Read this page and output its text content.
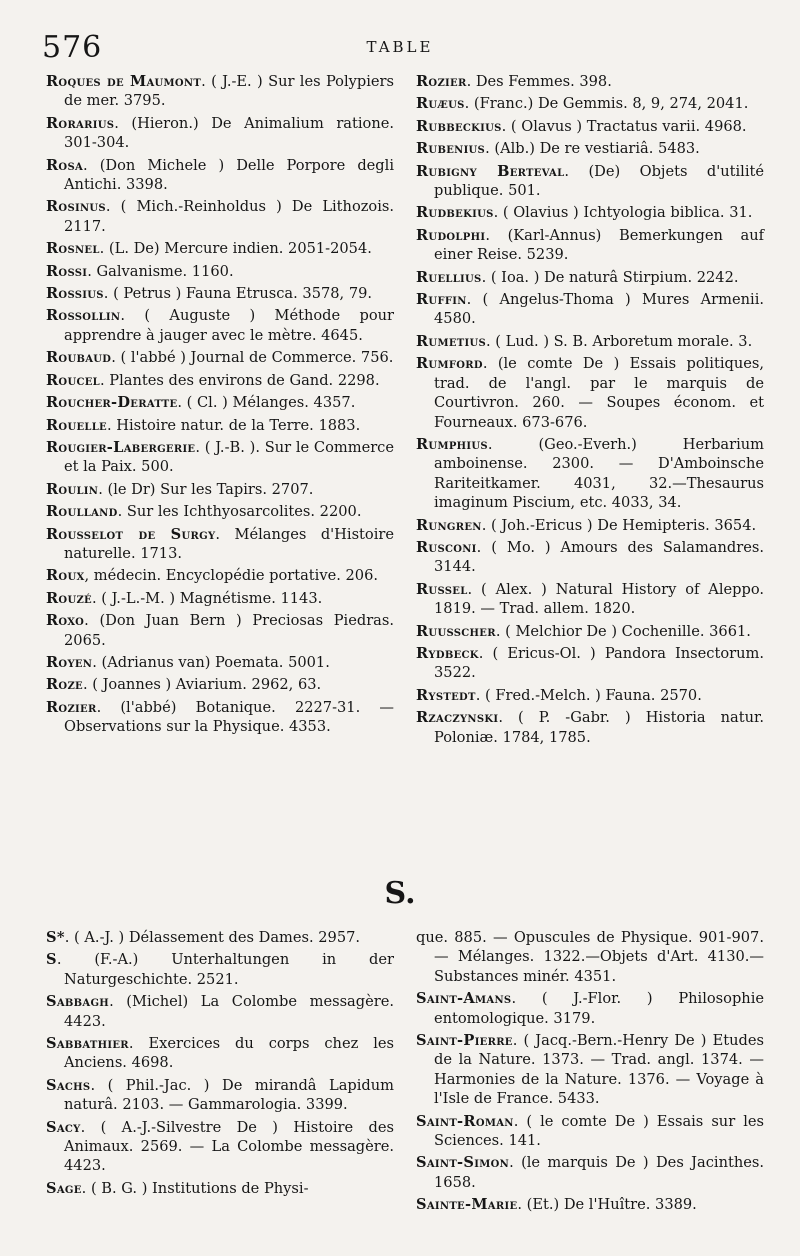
576	TABLE
Roques de Maumont. ( J.-E. ) Sur les Polypiers de mer. 3795.
Rorarius. (Hieron.) De Animalium ratione. 301-304.
Rosa. (Don Michele ) Delle Porpore degli Antichi. 3398.
Rosinus. ( Mich.-Reinholdus ) De Lithozois. 2117.
Rosnel. (L. De) Mercure indien. 2051-2054.
Rossi. Galvanisme. 1160.
Rossius. ( Petrus ) Fauna Etrusca. 3578, 79.
Rossollin. ( Auguste ) Méthode pour apprendre à jauger avec le mètre. 4645.
Roubaud. ( l'abbé ) Journal de Commerce. 756.
Roucel. Plantes des environs de Gand. 2298.
Roucher-Deratte. ( Cl. ) Mélanges. 4357.
Rouelle. Histoire natur. de la Terre. 1883.
Rougier-Labergerie. ( J.-B. ). Sur le Commerce et la Paix. 500.
Roulin. (le Dr) Sur les Tapirs. 2707.
Roulland. Sur les Ichthyosarcolites. 2200.
Rousselot de Surgy. Mélanges d'Histoire naturelle. 1713.
Roux, médecin. Encyclopédie portative. 206.
Rouzé. ( J.-L.-M. ) Magnétisme. 1143.
Roxo. (Don Juan Bern ) Preciosas Piedras. 2065.
Royen. (Adrianus van) Poemata. 5001.
Roze. ( Joannes ) Aviarium. 2962, 63.
Rozier. (l'abbé) Botanique. 2227-31. —Observations sur la Physique. 4353.
Rozier. Des Femmes. 398.
Ruæus. (Franc.) De Gemmis. 8, 9, 274, 2041.
Rubbeckius. ( Olavus ) Tractatus varii. 4968.
Rubenius. (Alb.) De re vestiariâ. 5483.
Rubigny Berteval. (De) Objets d'utilité publique. 501.
Rudbekius. ( Olavius ) Ichtyologia biblica. 31.
Rudolphi. (Karl-Annus) Bemerkungen auf einer Reise. 5239.
Ruellius. ( Ioa. ) De naturâ Stirpium. 2242.
Ruffin. ( Angelus-Thoma ) Mures Armenii. 4580.
Rumetius. ( Lud. ) S. B. Arboretum morale. 3.
Rumford. (le comte De ) Essais politiques, trad. de l'angl. par le marquis de Courtivron. 260. — Soupes économ. et Fourneaux. 673-676.
Rumphius. (Geo.-Everh.) Herbarium amboinense. 2300. — D'Amboinsche Rariteitkamer. 4031, 32.—Thesaurus imaginum Piscium, etc. 4033, 34.
Rungren. ( Joh.-Ericus ) De Hemipteris. 3654.
Rusconi. ( Mo. ) Amours des Salamandres. 3144.
Russel. ( Alex. ) Natural History of Aleppo. 1819. — Trad. allem. 1820.
Ruusscher. ( Melchior De ) Cochenille. 3661.
Rydbeck. ( Ericus-Ol. ) Pandora Insectorum. 3522.
Rystedt. ( Fred.-Melch. ) Fauna. 2570.
Rzaczynski. ( P. -Gabr. ) Historia natur. Poloniæ. 1784, 1785.
S.
S*. ( A.-J. ) Délassement des Dames. 2957.
S. (F.-A.) Unterhaltungen in der Naturgeschichte. 2521.
Sabbagh. (Michel) La Colombe messagère. 4423.
Sabbathier. Exercices du corps chez les Anciens. 4698.
Sachs. ( Phil.-Jac. ) De mirandâ Lapidum naturâ. 2103. — Gammarologia. 3399.
Sacy. ( A.-J.-Silvestre De ) Histoire des Animaux. 2569. — La Colombe messagère. 4423.
Sage. ( B. G. ) Institutions de Physi-
que. 885. — Opuscules de Physique. 901-907. — Mélanges. 1322.—Objets d'Art. 4130.—Substances minér. 4351.
Saint-Amans. ( J.-Flor. ) Philosophie entomologique. 3179.
Saint-Pierre. ( Jacq.-Bern.-Henry De ) Etudes de la Nature. 1373. — Trad. angl. 1374. — Harmonies de la Nature. 1376. — Voyage à l'Isle de France. 5433.
Saint-Roman. ( le comte De ) Essais sur les Sciences. 141.
Saint-Simon. (le marquis De ) Des Jacinthes. 1658.
Sainte-Marie. (Et.) De l'Huître. 3389.
